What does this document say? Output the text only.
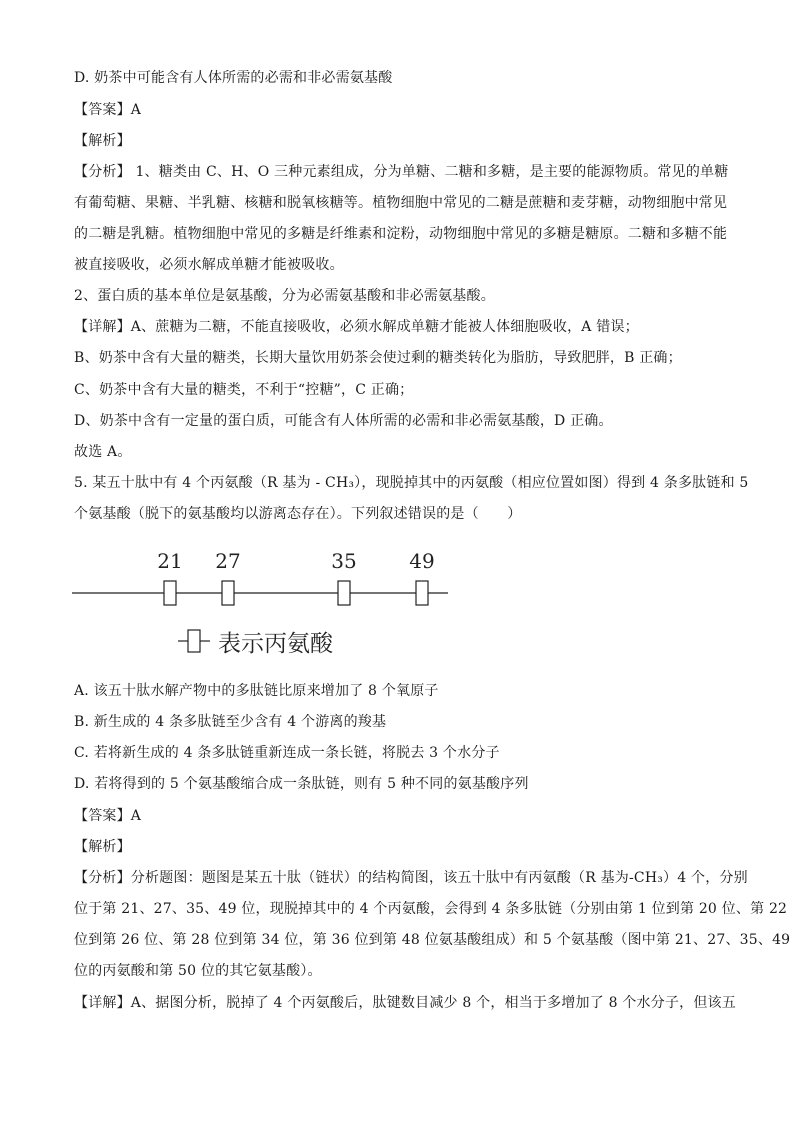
D. 奶茶中可能含有人体所需的必需和非必需氨基酸
【答案】A
【解析】
【分析】 1、糖类由 C、H、O 三种元素组成，分为单糖、二糖和多糖，是主要的能源物质。常见的单糖
有葡萄糖、果糖、半乳糖、核糖和脱氧核糖等。植物细胞中常见的二糖是蔗糖和麦芽糖，动物细胞中常见
的二糖是乳糖。植物细胞中常见的多糖是纤维素和淀粉，动物细胞中常见的多糖是糖原。二糖和多糖不能
被直接吸收，必须水解成单糖才能被吸收。
2、蛋白质的基本单位是氨基酸，分为必需氨基酸和非必需氨基酸。
【详解】A、蔗糖为二糖，不能直接吸收，必须水解成单糖才能被人体细胞吸收，A 错误；
B、奶茶中含有大量的糖类，长期大量饮用奶茶会使过剩的糖类转化为脂肪，导致肥胖，B 正确；
C、奶茶中含有大量的糖类，不利于“控糖”，C 正确；
D、奶茶中含有一定量的蛋白质，可能含有人体所需的必需和非必需氨基酸，D 正确。
故选 A。
5. 某五十肽中有 4 个丙氨酸（R 基为 - CH₃），现脱掉其中的丙氨酸（相应位置如图）得到 4 条多肽链和 5
个氨基酸（脱下的氨基酸均以游离态存在）。下列叙述错误的是（　　）
A. 该五十肽水解产物中的多肽链比原来增加了 8 个氧原子
B. 新生成的 4 条多肽链至少含有 4 个游离的羧基
C. 若将新生成的 4 条多肽链重新连成一条长链，将脱去 3 个水分子
D. 若将得到的 5 个氨基酸缩合成一条肽链，则有 5 种不同的氨基酸序列
【答案】A
【解析】
【分析】分析题图：题图是某五十肽（链状）的结构简图，该五十肽中有丙氨酸（R 基为-CH₃）4 个，分别
位于第 21、27、35、49 位，现脱掉其中的 4 个丙氨酸，会得到 4 条多肽链（分别由第 1 位到第 20 位、第 22
位到第 26 位、第 28 位到第 34 位，第 36 位到第 48 位氨基酸组成）和 5 个氨基酸（图中第 21、27、35、49
位的丙氨酸和第 50 位的其它氨基酸）。
【详解】A、据图分析，脱掉了 4 个丙氨酸后，肽键数目减少 8 个，相当于多增加了 8 个水分子，但该五
21 27	35	49
表示丙氨酸
